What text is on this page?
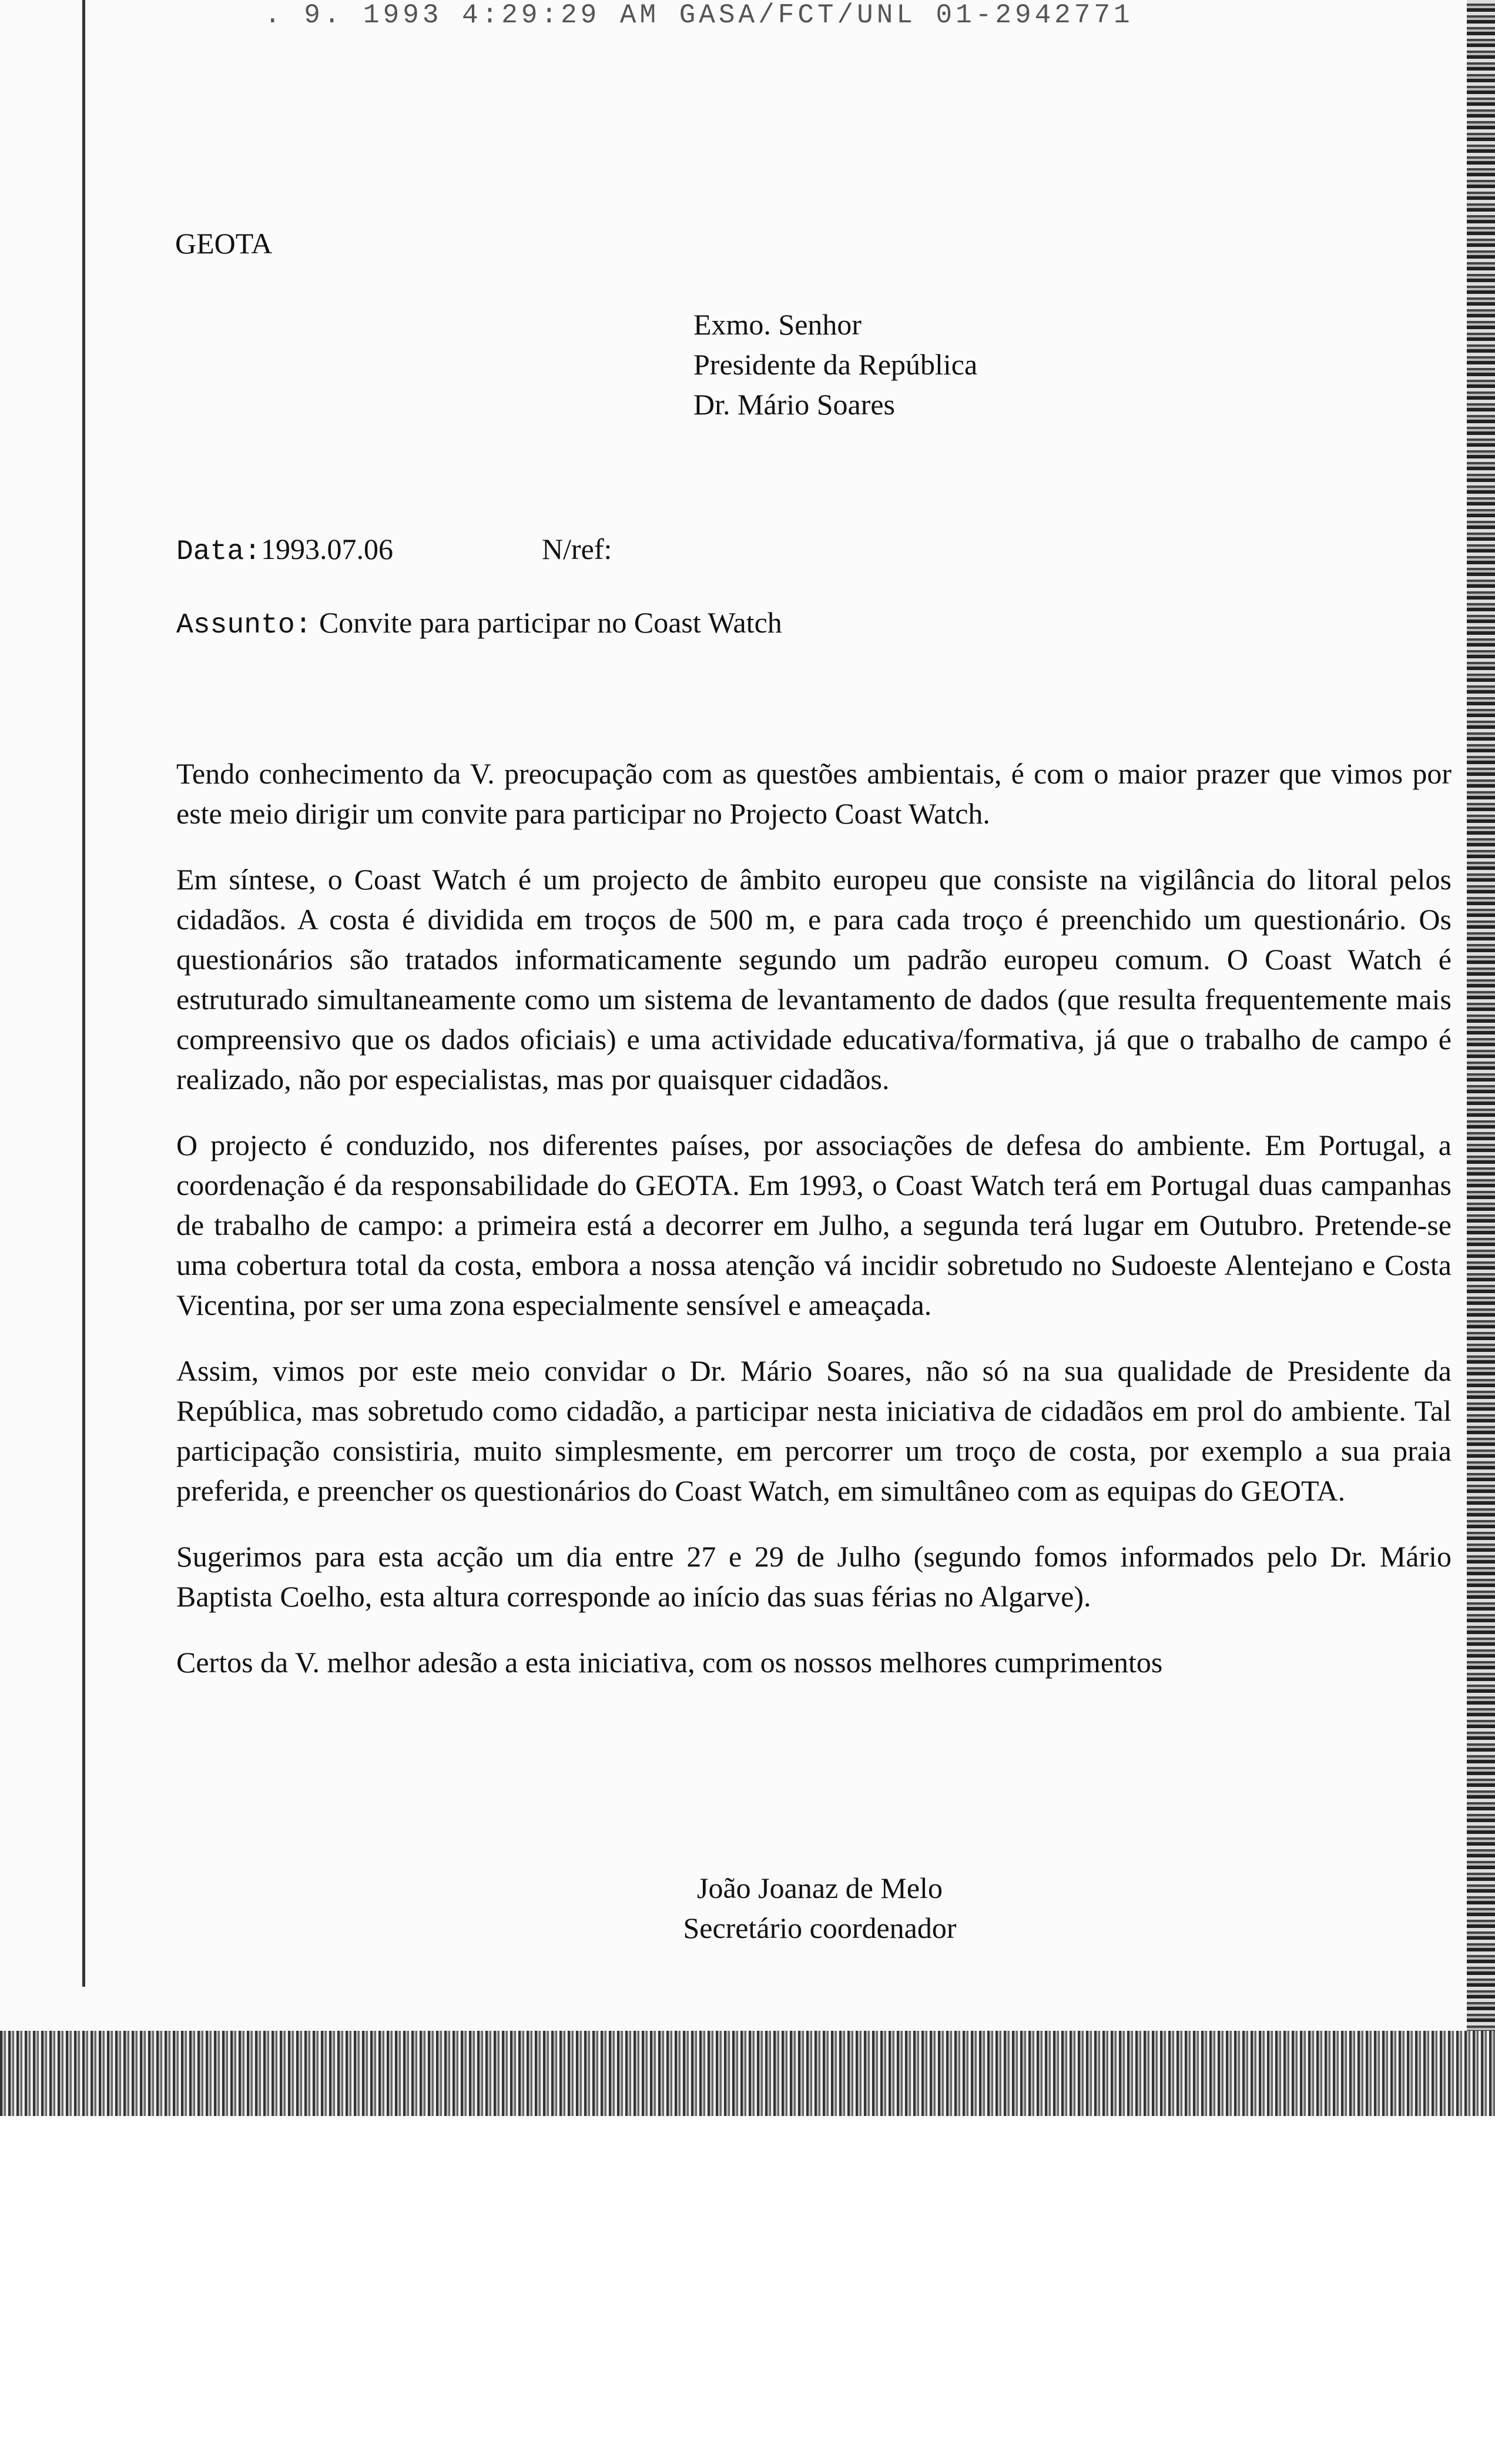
. 9. 1993 4:29:29 AM GASA/FCT/UNL 01-2942771
GEOTA
Exmo. Senhor
Presidente da República
Dr. Mário Soares
Data:1993.07.06	N/ref:
Assunto: Convite para participar no Coast Watch

Tendo conhecimento da V. preocupação com as questões ambientais, é com o maior prazer que vimos por este meio dirigir um convite para participar no Projecto Coast Watch.

Em síntese, o Coast Watch é um projecto de âmbito europeu que consiste na vigilância do litoral pelos cidadãos. A costa é dividida em troços de 500 m, e para cada troço é preenchido um questionário. Os questionários são tratados informaticamente segundo um padrão europeu comum. O Coast Watch é estruturado simultaneamente como um sistema de levantamento de dados (que resulta frequentemente mais compreensivo que os dados oficiais) e uma actividade educativa/formativa, já que o trabalho de campo é realizado, não por especialistas, mas por quaisquer cidadãos.

O projecto é conduzido, nos diferentes países, por associações de defesa do ambiente. Em Portugal, a coordenação é da responsabilidade do GEOTA. Em 1993, o Coast Watch terá em Portugal duas campanhas de trabalho de campo: a primeira está a decorrer em Julho, a segunda terá lugar em Outubro. Pretende-se uma cobertura total da costa, embora a nossa atenção vá incidir sobretudo no Sudoeste Alentejano e Costa Vicentina, por ser uma zona especialmente sensível e ameaçada.

Assim, vimos por este meio convidar o Dr. Mário Soares, não só na sua qualidade de Presidente da República, mas sobretudo como cidadão, a participar nesta iniciativa de cidadãos em prol do ambiente. Tal participação consistiria, muito simplesmente, em percorrer um troço de costa, por exemplo a sua praia preferida, e preencher os questionários do Coast Watch, em simultâneo com as equipas do GEOTA.

Sugerimos para esta acção um dia entre 27 e 29 de Julho (segundo fomos informados pelo Dr. Mário Baptista Coelho, esta altura corresponde ao início das suas férias no Algarve).

Certos da V. melhor adesão a esta iniciativa, com os nossos melhores cumprimentos

João Joanaz de Melo
Secretário coordenador
